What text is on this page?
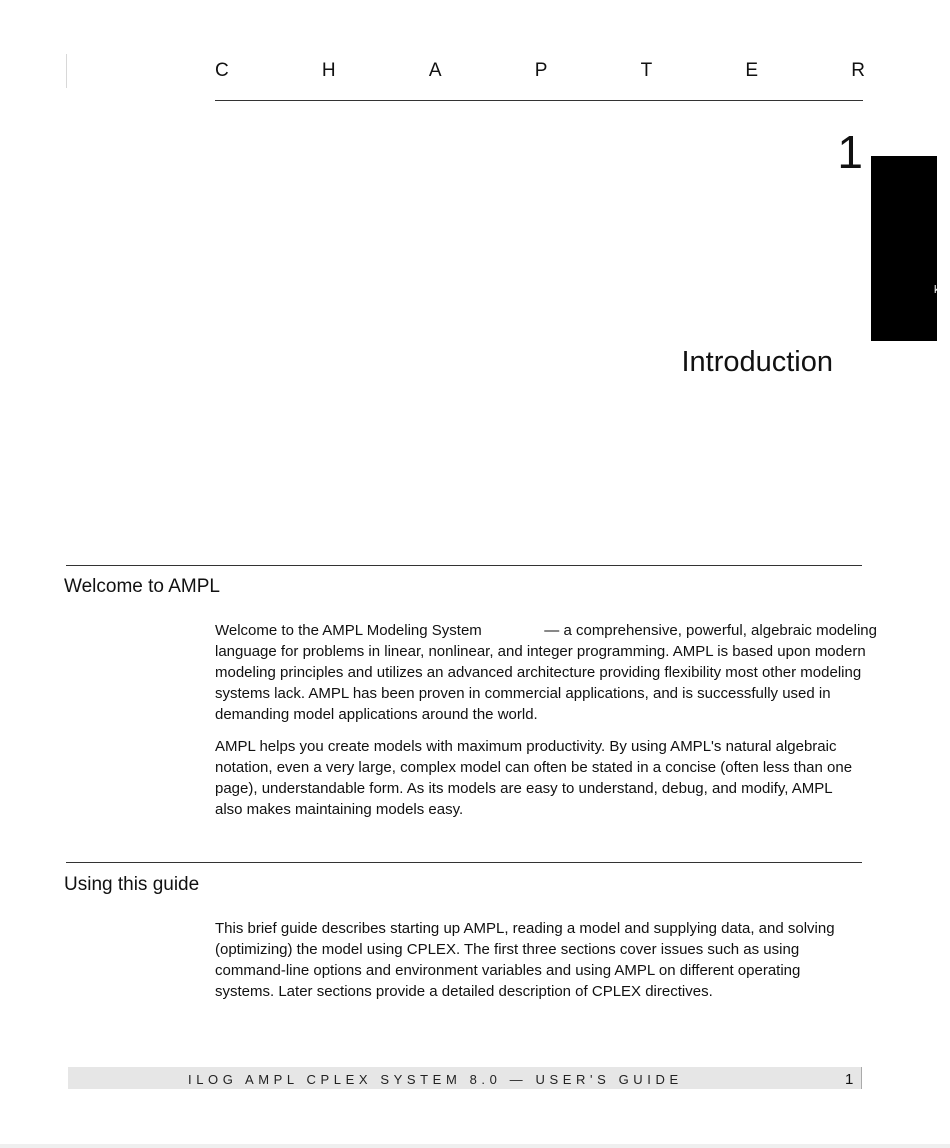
C	H	A	P	T	E	R
1
k
Introduction
Welcome to AMPL

Welcome to the AMPL Modeling System               — a comprehensive, powerful, algebraic modeling language for problems in linear, nonlinear, and integer programming. AMPL is based upon modern modeling principles and utilizes an advanced architecture providing flexibility most other modeling systems lack. AMPL has been proven in commercial applications, and is successfully used in demanding model applications around the world.

AMPL helps you create models with maximum productivity. By using AMPL's natural algebraic notation, even a very large, complex model can often be stated in a concise (often less than one page), understandable form. As its models are easy to understand, debug, and modify, AMPL also makes maintaining models easy.

Using this guide

This brief guide describes starting up AMPL, reading a model and supplying data, and solving (optimizing) the model using CPLEX. The first three sections cover issues such as using command-line options and environment variables and using AMPL on different operating systems. Later sections provide a detailed description of CPLEX directives.

ILOG AMPL CPLEX SYSTEM 8.0 — USER'S GUIDE	1
